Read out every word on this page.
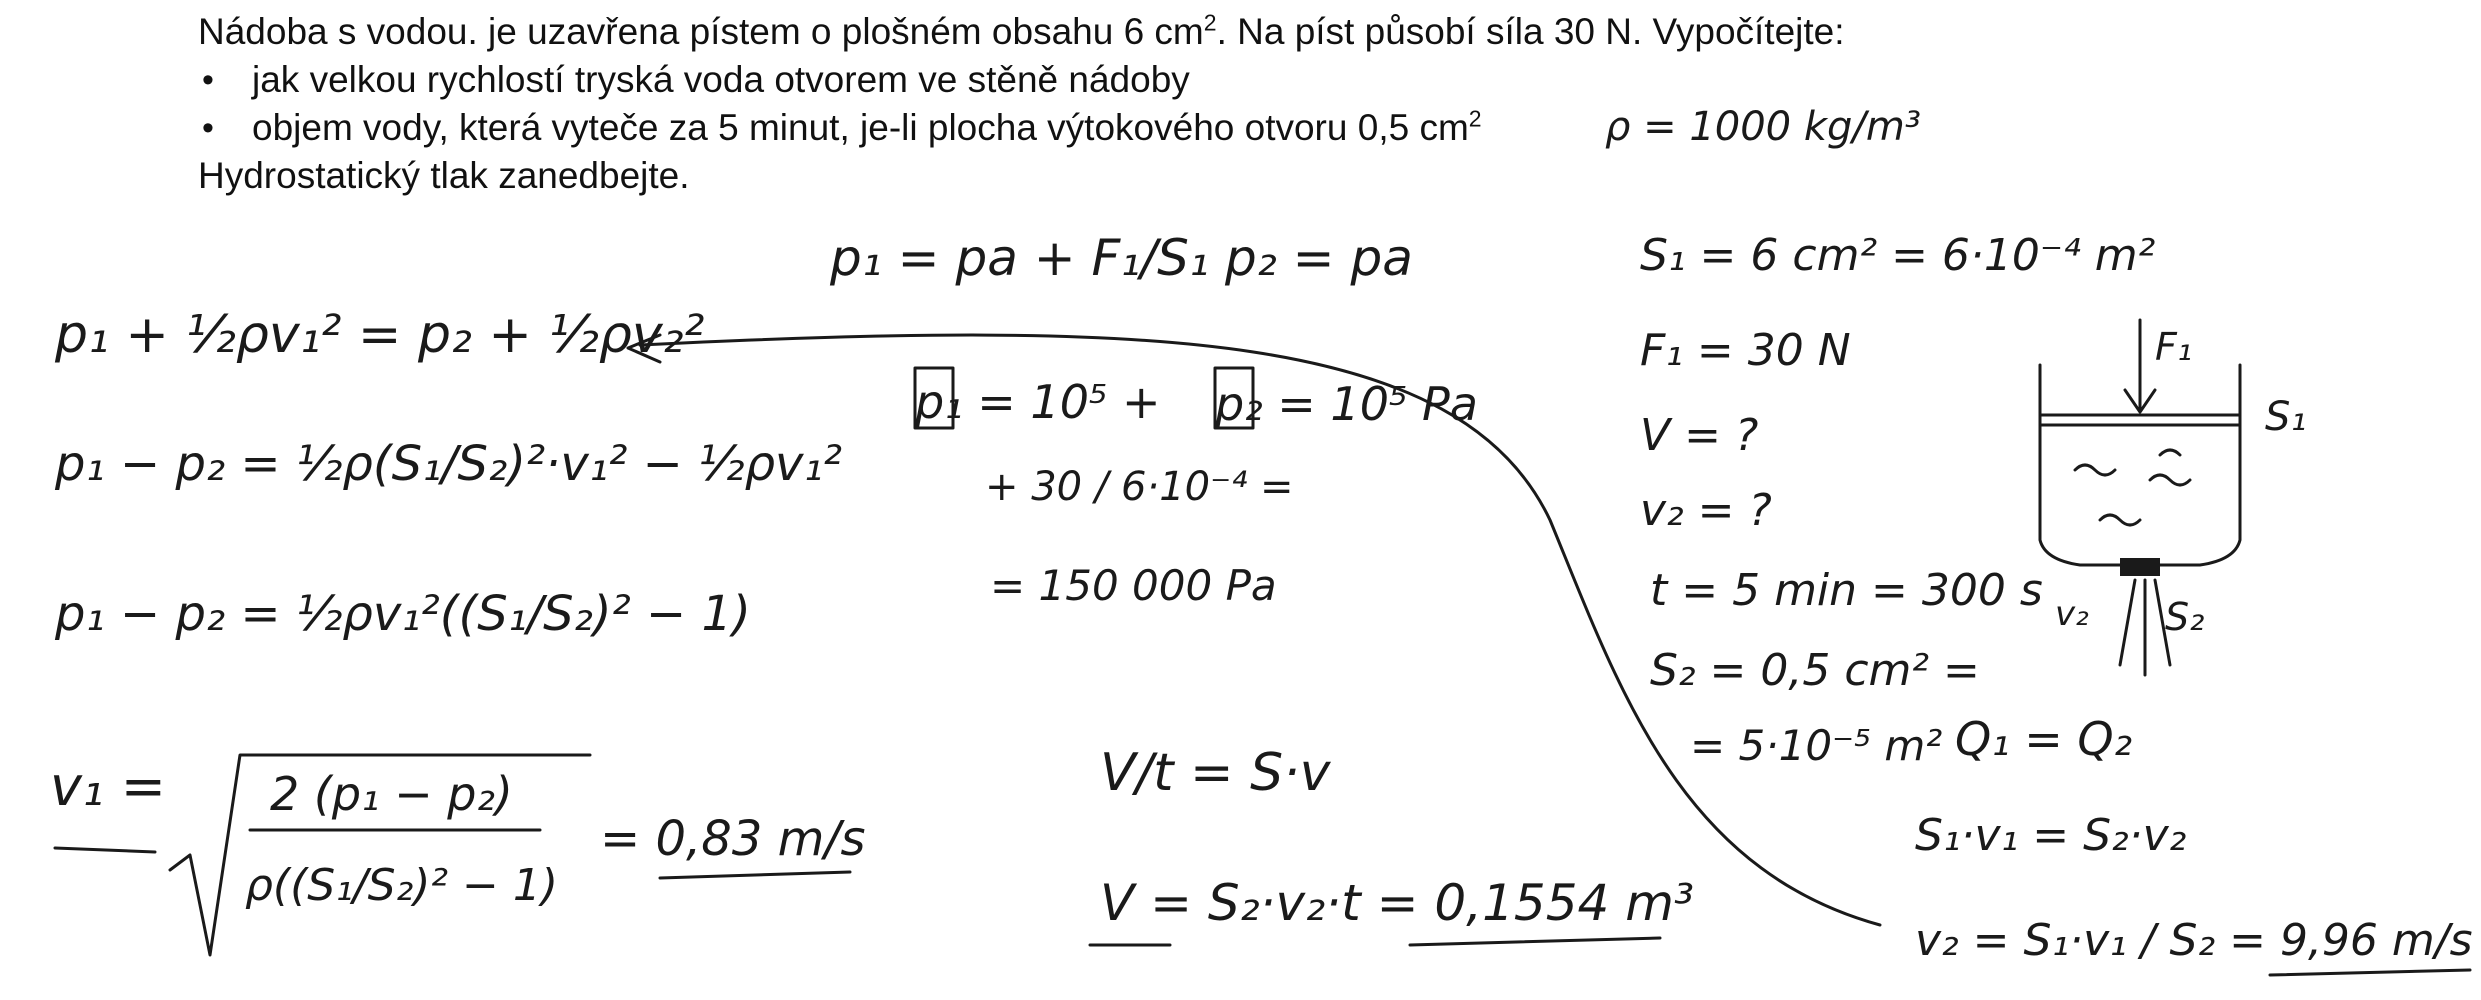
Nádoba s vodou. je uzavřena pístem o plošném obsahu 6 $cm^2$. Na píst působí síla 30 N. Vypočítejte:
• jak velkou rychlostí tryská voda otvorem ve stěně nádoby
• objem vody, která vyteče za 5 minut, je-li plocha výtokového otvoru 0,5 $cm^2$
Hydrostatický tlak zanedbejte.
ρ = 1000 kg/m³
p₁ + ½ρv₁² = p₂ + ½ρv₂²
p₁ − p₂ = ½ρ(S₁/S₂)²·v₁² − ½ρv₁²
p₁ − p₂ = ½ρv₁²((S₁/S₂)² − 1)
v₁ = 2 (p₁ − p₂)
ρ((S₁/S₂)² − 1)
= 0,83 m/s
p₁ = pa + F₁/S₁ p₂ = pa
p₁ = 10⁵ +
+ 30 / 6·10⁻⁴ =
= 150 000 Pa
p₂ = 10⁵ Pa
V/t = S·v
V = S₂·v₂·t = 0,1554 m³
S₁ = 6 cm² = 6·10⁻⁴ m²
F₁ = 30 N
V = ?
v₂ = ?
t = 5 min = 300 s
S₂ = 0,5 cm² =
= 5·10⁻⁵ m² Q₁ = Q₂
S₁·v₁ = S₂·v₂
v₂ = S₁·v₁ / S₂ = 9,96 m/s
F₁
S₁
S₂
v₂
